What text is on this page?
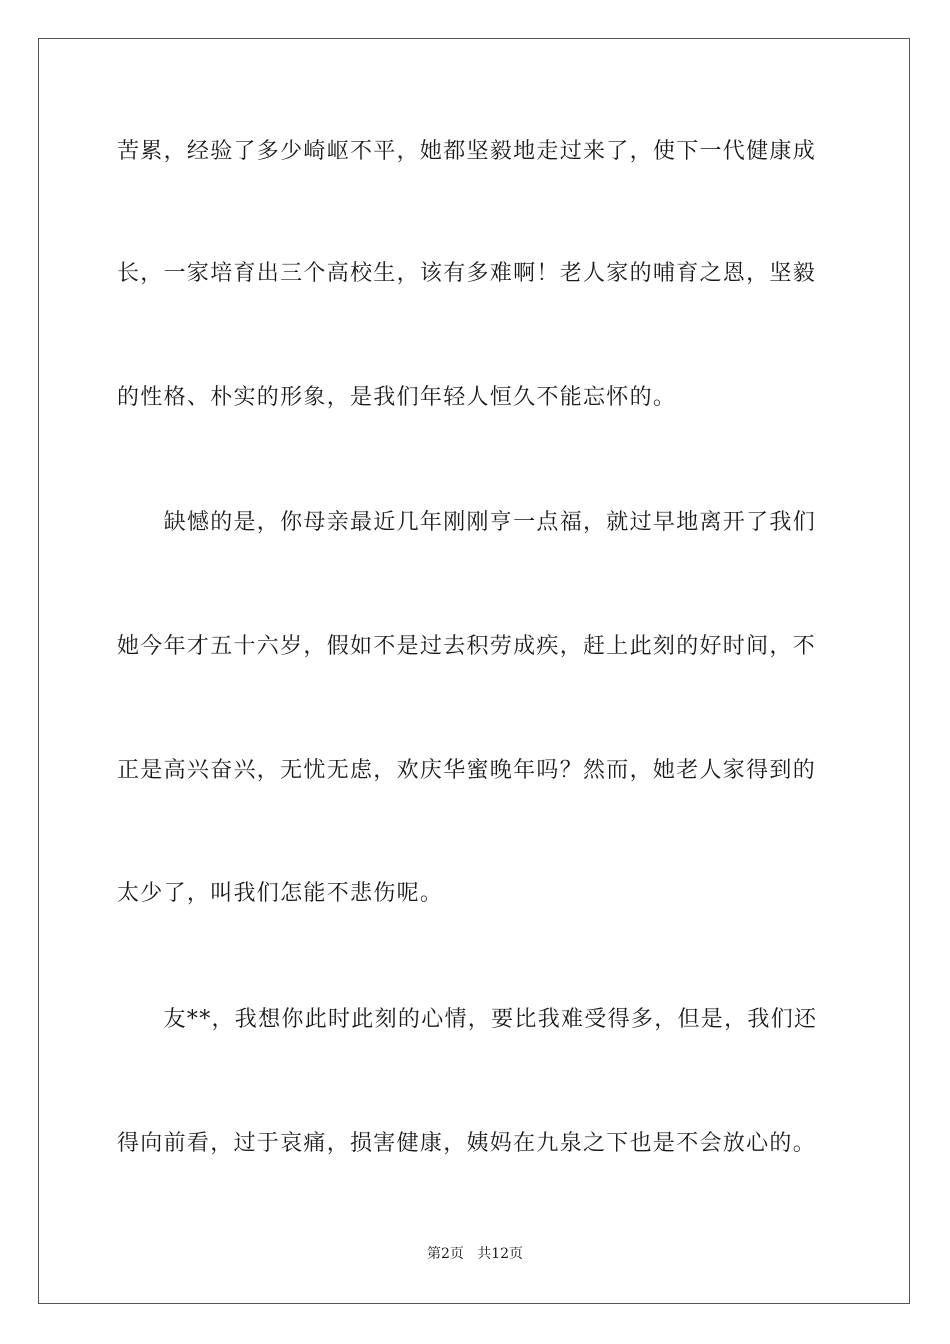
苦累，经验了多少崎岖不平，她都坚毅地走过来了，使下一代健康成
长，一家培育出三个高校生，该有多难啊！老人家的哺育之恩，坚毅
的性格、朴实的形象，是我们年轻人恒久不能忘怀的。
　　缺憾的是，你母亲最近几年刚刚亨一点福，就过早地离开了我们
她今年才五十六岁，假如不是过去积劳成疾，赶上此刻的好时间，不
正是高兴奋兴，无忧无虑，欢庆华蜜晚年吗？然而，她老人家得到的
太少了，叫我们怎能不悲伤呢。
　　友**，我想你此时此刻的心情，要比我难受得多，但是，我们还
得向前看，过于哀痛，损害健康，姨妈在九泉之下也是不会放心的。
第2页   共12页
